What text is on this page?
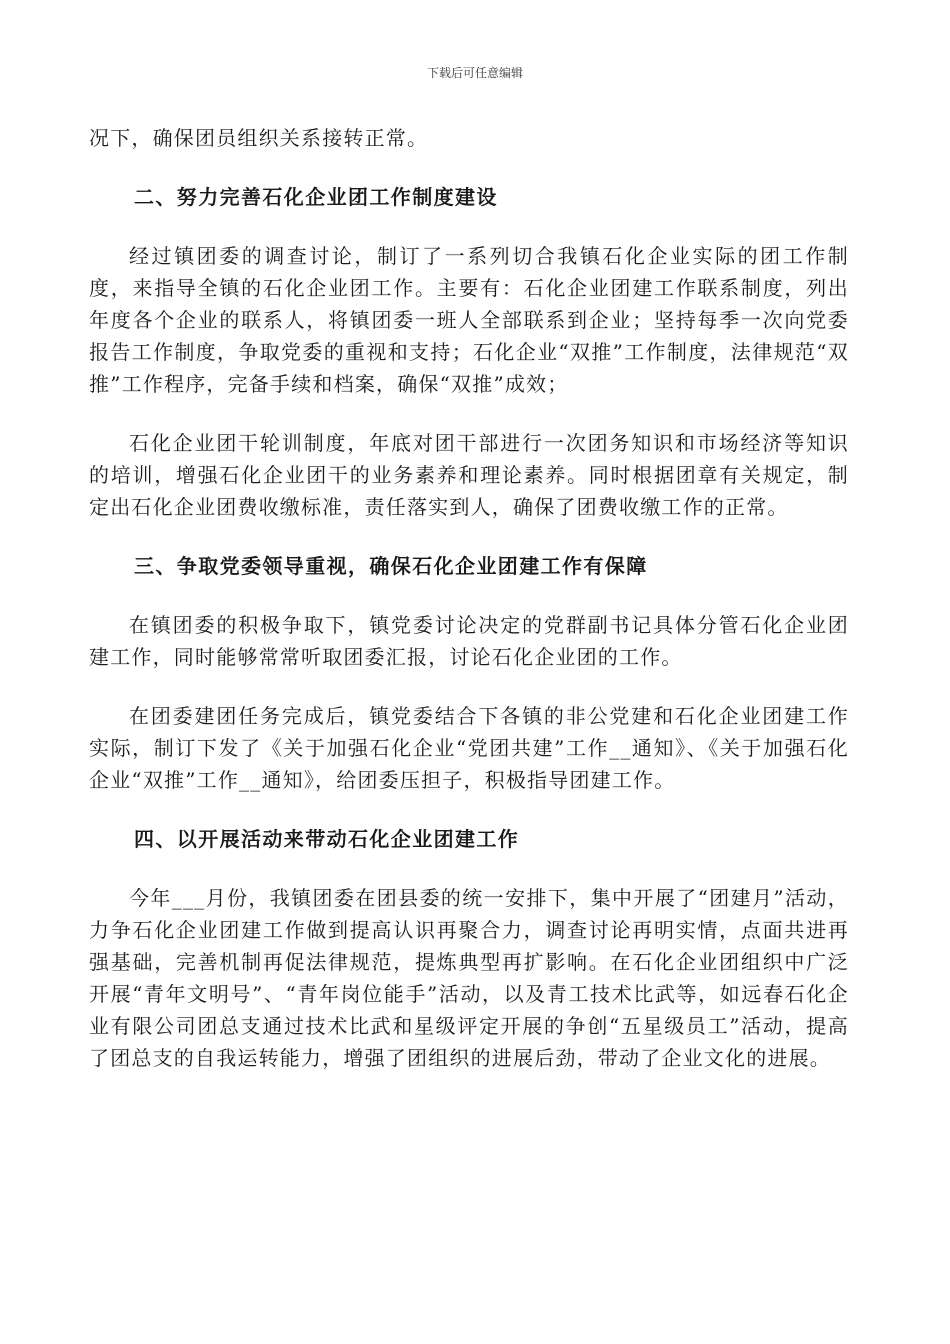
下载后可任意编辑

况下，确保团员组织关系接转正常。

二、努力完善石化企业团工作制度建设

经过镇团委的调查讨论，制订了一系列切合我镇石化企业实际的团工作制度，来指导全镇的石化企业团工作。主要有：石化企业团建工作联系制度，列出年度各个企业的联系人，将镇团委一班人全部联系到企业；坚持每季一次向党委报告工作制度，争取党委的重视和支持；石化企业“双推”工作制度，法律规范“双推”工作程序，完备手续和档案，确保“双推”成效；

石化企业团干轮训制度，年底对团干部进行一次团务知识和市场经济等知识的培训，增强石化企业团干的业务素养和理论素养。同时根据团章有关规定，制定出石化企业团费收缴标准，责任落实到人，确保了团费收缴工作的正常。

三、争取党委领导重视，确保石化企业团建工作有保障

在镇团委的积极争取下，镇党委讨论决定的党群副书记具体分管石化企业团建工作，同时能够常常听取团委汇报，讨论石化企业团的工作。

在团委建团任务完成后，镇党委结合下各镇的非公党建和石化企业团建工作实际，制订下发了《关于加强石化企业“党团共建”工作__通知》、《关于加强石化企业“双推”工作__通知》，给团委压担子，积极指导团建工作。

四、以开展活动来带动石化企业团建工作

今年___月份，我镇团委在团县委的统一安排下，集中开展了“团建月”活动，力争石化企业团建工作做到提高认识再聚合力，调查讨论再明实情，点面共进再强基础，完善机制再促法律规范，提炼典型再扩影响。在石化企业团组织中广泛开展“青年文明号”、“青年岗位能手”活动，以及青工技术比武等，如远春石化企业有限公司团总支通过技术比武和星级评定开展的争创“五星级员工”活动，提高了团总支的自我运转能力，增强了团组织的进展后劲，带动了企业文化的进展。
